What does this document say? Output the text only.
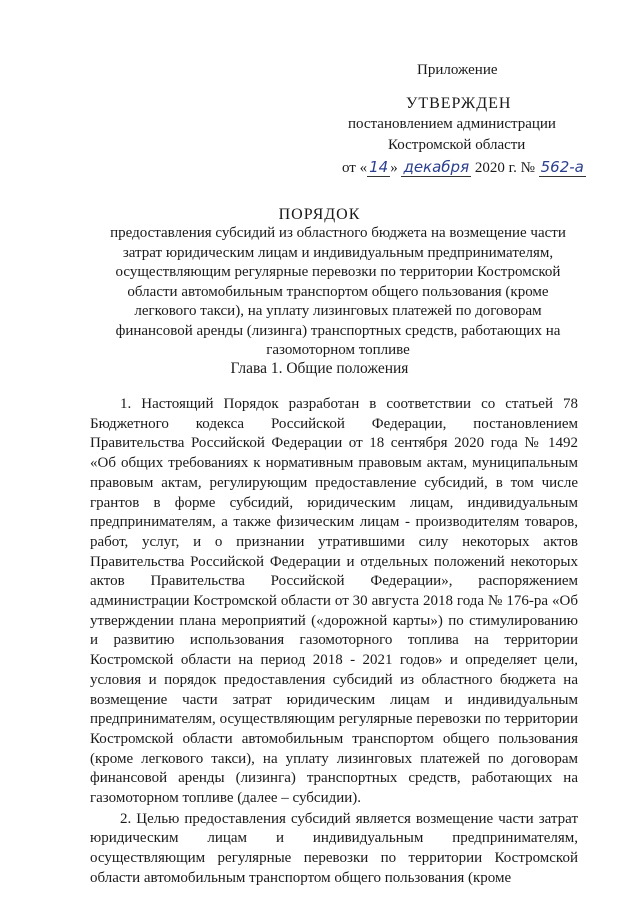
Приложение
УТВЕРЖДЕН
постановлением администрации
Костромской области
от « 14 » декабря 2020 г. № 562-а
ПОРЯДОК
предоставления субсидий из областного бюджета на возмещение части затрат юридическим лицам и индивидуальным предпринимателям, осуществляющим регулярные перевозки по территории Костромской области автомобильным транспортом общего пользования (кроме легкового такси), на уплату лизинговых платежей по договорам финансовой аренды (лизинга) транспортных средств, работающих на газомоторном топливе
Глава 1. Общие положения

1. Настоящий Порядок разработан в соответствии со статьей 78 Бюджетного кодекса Российской Федерации, постановлением Правительства Российской Федерации от 18 сентября 2020 года № 1492 «Об общих требованиях к нормативным правовым актам, муниципальным правовым актам, регулирующим предоставление субсидий, в том числе грантов в форме субсидий, юридическим лицам, индивидуальным предпринимателям, а также физическим лицам - производителям товаров, работ, услуг, и о признании утратившими силу некоторых актов Правительства Российской Федерации и отдельных положений некоторых актов Правительства Российской Федерации», распоряжением администрации Костромской области от 30 августа 2018 года № 176-ра «Об утверждении плана мероприятий («дорожной карты») по стимулированию и развитию использования газомоторного топлива на территории Костромской области на период 2018 - 2021 годов» и определяет цели, условия и порядок предоставления субсидий из областного бюджета на возмещение части затрат юридическим лицам и индивидуальным предпринимателям, осуществляющим регулярные перевозки по территории Костромской области автомобильным транспортом общего пользования (кроме легкового такси), на уплату лизинговых платежей по договорам финансовой аренды (лизинга) транспортных средств, работающих на газомоторном топливе (далее – субсидии).

2. Целью предоставления субсидий является возмещение части затрат юридическим лицам и индивидуальным предпринимателям, осуществляющим регулярные перевозки по территории Костромской области автомобильным транспортом общего пользования (кроме
